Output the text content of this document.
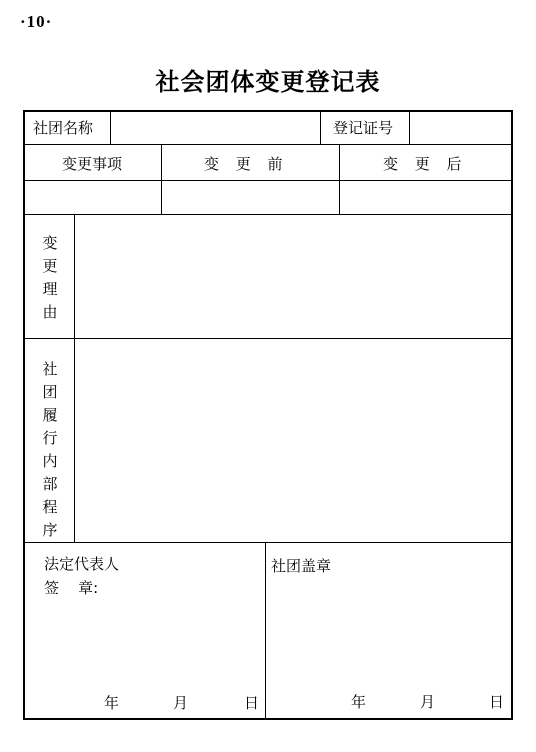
·10·
社会团体变更登记表
社团名称	登记证号
变更事项	变 更 前	变 更 后
变更理由
社团履行内部程序
法定代表人
签    章:
年	月	日
社团盖章
年	月	日
